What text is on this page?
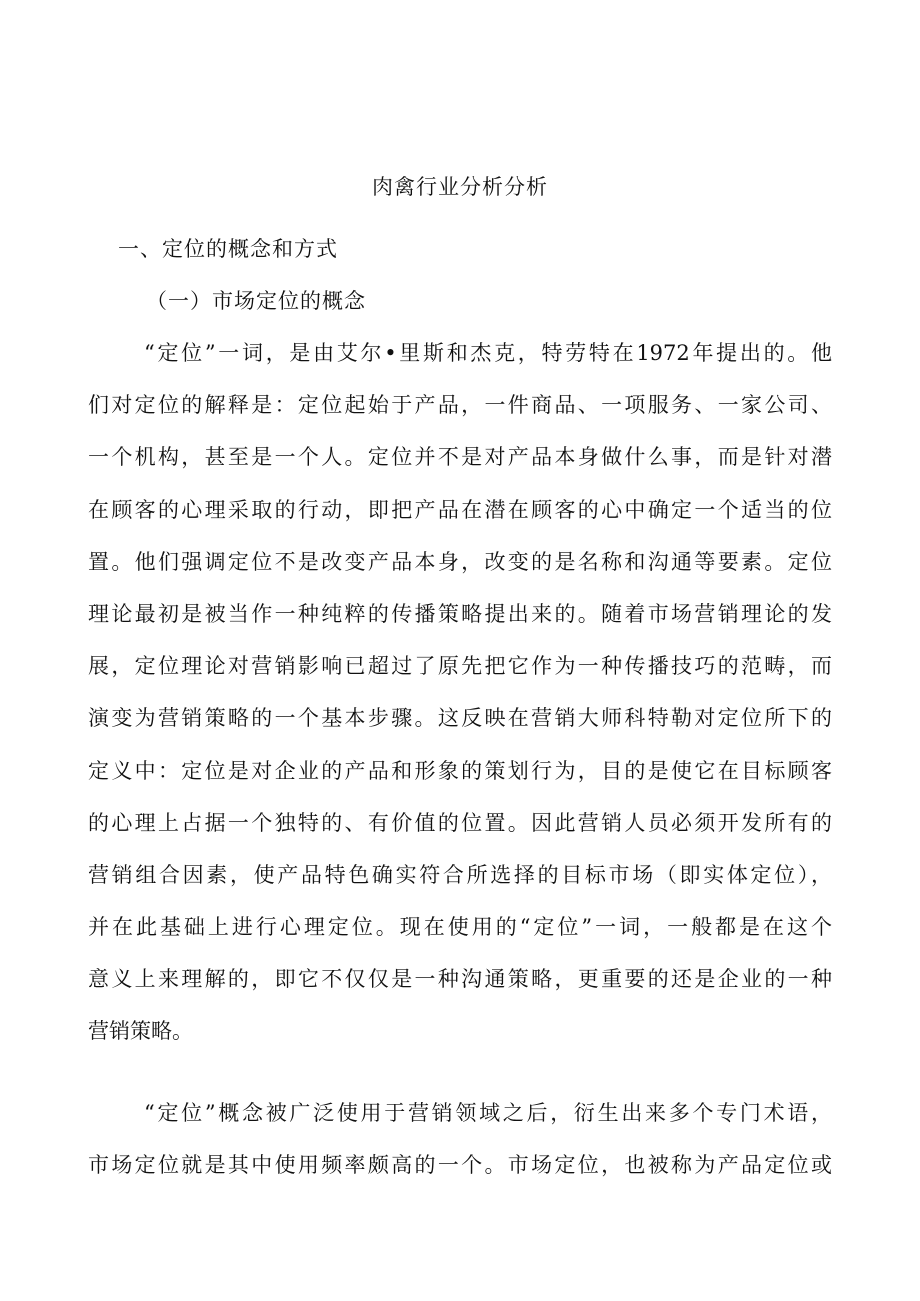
肉禽行业分析分析
一、定位的概念和方式
（一）市场定位的概念
“定位”一词，是由艾尔•里斯和杰克，特劳特在1972年提出的。他
们对定位的解释是：定位起始于产品，一件商品、一项服务、一家公司、
一个机构，甚至是一个人。定位并不是对产品本身做什么事，而是针对潜
在顾客的心理采取的行动，即把产品在潜在顾客的心中确定一个适当的位
置。他们强调定位不是改变产品本身，改变的是名称和沟通等要素。定位
理论最初是被当作一种纯粹的传播策略提出来的。随着市场营销理论的发
展，定位理论对营销影响已超过了原先把它作为一种传播技巧的范畴，而
演变为营销策略的一个基本步骤。这反映在营销大师科特勒对定位所下的
定义中：定位是对企业的产品和形象的策划行为，目的是使它在目标顾客
的心理上占据一个独特的、有价值的位置。因此营销人员必须开发所有的
营销组合因素，使产品特色确实符合所选择的目标市场（即实体定位），
并在此基础上进行心理定位。现在使用的“定位”一词，一般都是在这个
意义上来理解的，即它不仅仅是一种沟通策略，更重要的还是企业的一种
营销策略。
“定位”概念被广泛使用于营销领域之后，衍生出来多个专门术语，
市场定位就是其中使用频率颇高的一个。市场定位，也被称为产品定位或
